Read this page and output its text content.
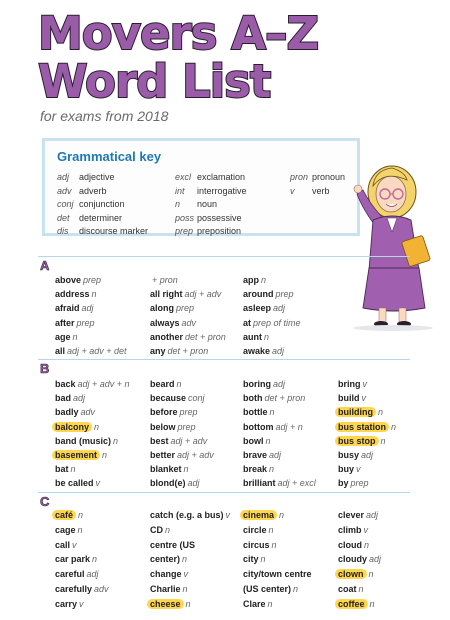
Movers A–Z
Word List
for exams from 2018
Grammatical key
adj adjective
adv adverb
conj conjunction
det determiner
dis discourse marker
excl exclamation
int interrogative
n noun
poss possessive
prep preposition
pron pronoun
v verb
A
above prep
address n
afraid adj
after prep
age n
all adj + adv + det
+ pron
all right adj + adv
along prep
always adv
another det + pron
any det + pron
app n
around prep
asleep adj
at prep of time
aunt n
awake adj
B
back adj + adv + n
bad adj
badly adv
balcony n
band (music) n
basement n
bat n
be called v
beard n
because conj
before prep
below prep
best adj + adv
better adj + adv
blanket n
blond(e) adj
boring adj
both det + pron
bottle n
bottom adj + n
bowl n
brave adj
break n
brilliant adj + excl
bring v
build v
building n
bus station n
bus stop n
busy adj
buy v
by prep
C
café n
cage n
call v
car park n
careful adj
carefully adv
carry v
catch (e.g. a bus) v
CD n
centre (US
center) n
change v
Charlie n
cheese n
cinema n
circle n
circus n
city n
city/town centre
(US center) n
Clare n
clever adj
climb v
cloud n
cloudy adj
clown n
coat n
coffee n
